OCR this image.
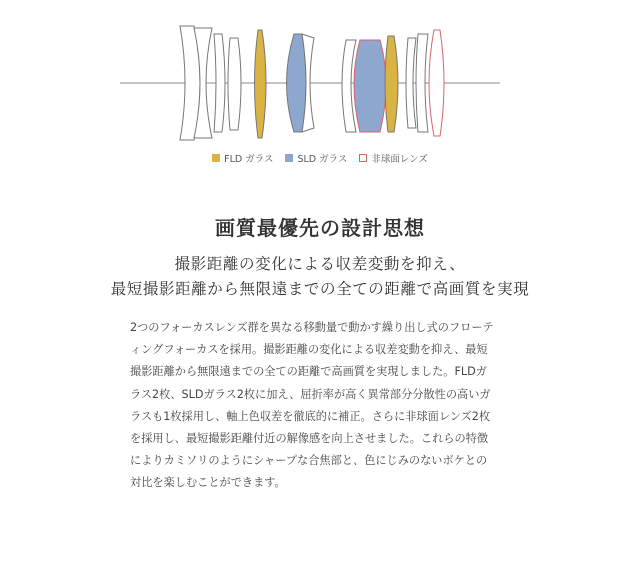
FLD ガラス	SLD ガラス	非球面レンズ
画質最優先の設計思想
撮影距離の変化による収差変動を抑え、
最短撮影距離から無限遠までの全ての距離で高画質を実現
2つのフォーカスレンズ群を異なる移動量で動かす繰り出し式のフローテ
ィングフォーカスを採用。撮影距離の変化による収差変動を抑え、最短
撮影距離から無限遠までの全ての距離で高画質を実現しました。FLDガ
ラス2枚、SLDガラス2枚に加え、屈折率が高く異常部分分散性の高いガ
ラスも1枚採用し、軸上色収差を徹底的に補正。さらに非球面レンズ2枚
を採用し、最短撮影距離付近の解像感を向上させました。これらの特徴
によりカミソリのようにシャープな合焦部と、色にじみのないボケとの
対比を楽しむことができます。
